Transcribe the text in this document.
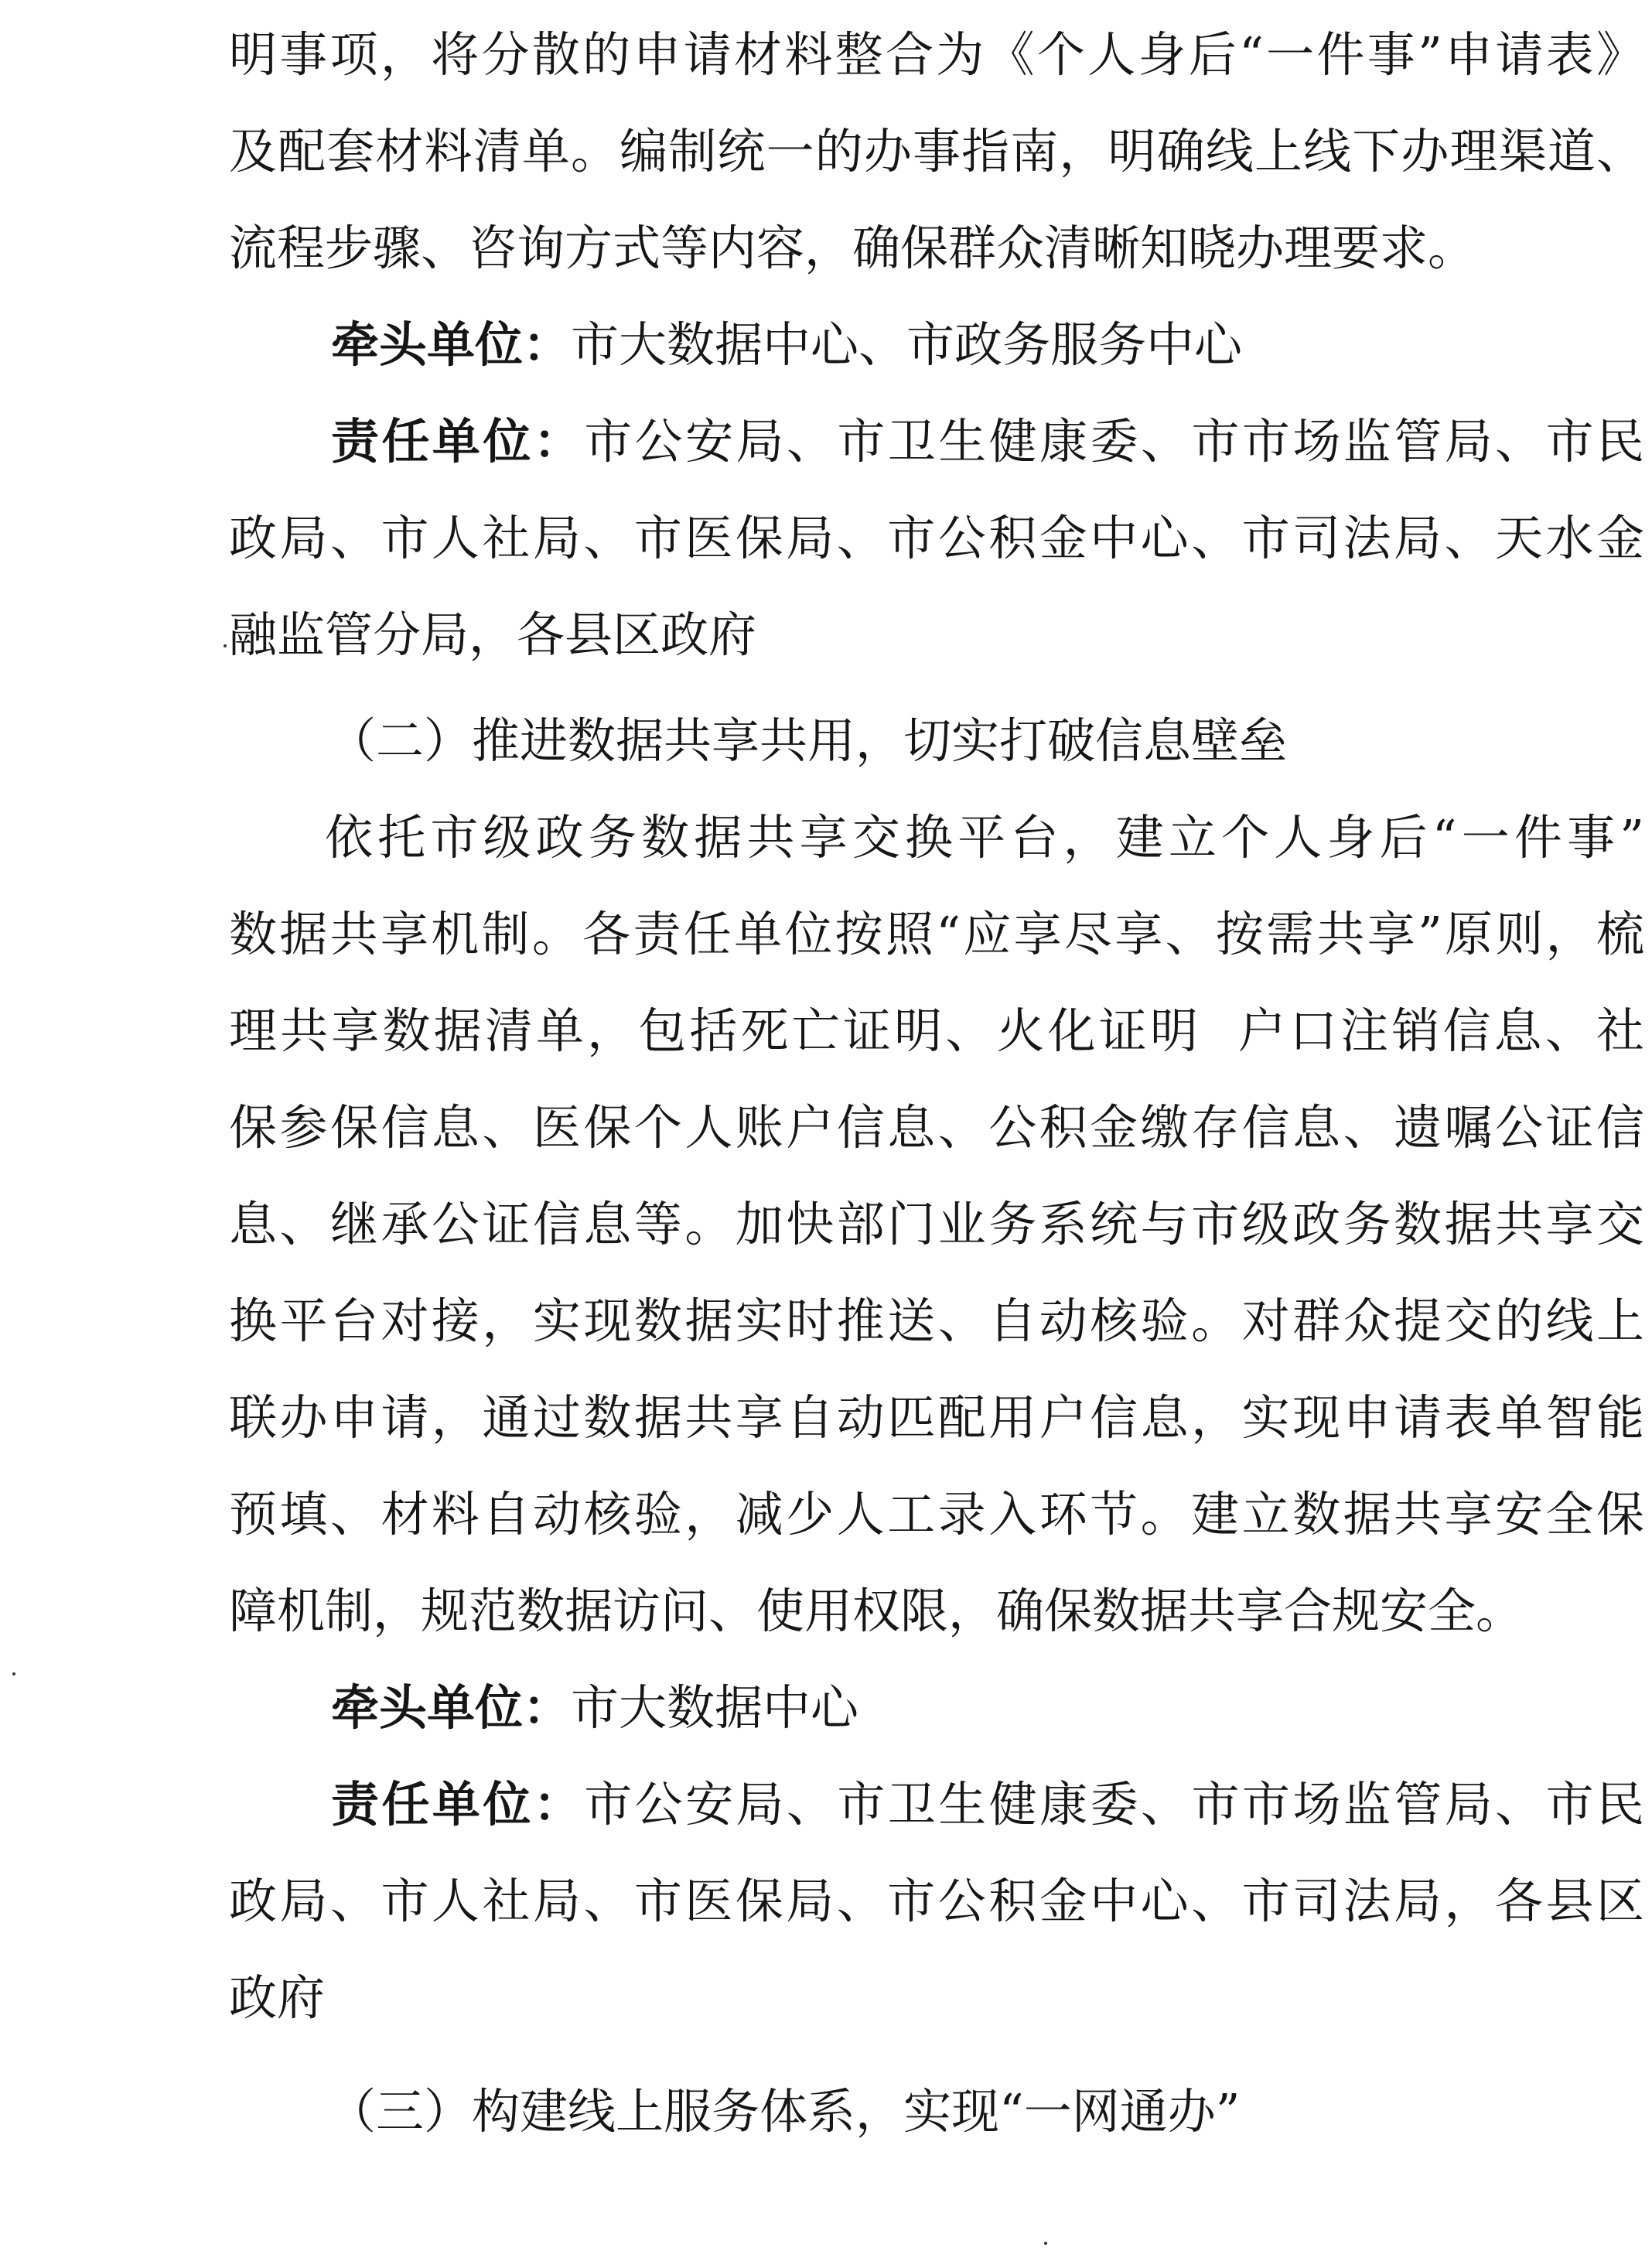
明事项，将分散的申请材料整合为《个人身后“一件事”申请表》
及配套材料清单。编制统一的办事指南，明确线上线下办理渠道、
流程步骤、咨询方式等内容，确保群众清晰知晓办理要求。
牵头单位：市大数据中心、市政务服务中心
责任单位：市公安局、市卫生健康委、市市场监管局、市民
政局、市人社局、市医保局、市公积金中心、市司法局、天水金
融监管分局，各县区政府
（二）推进数据共享共用，切实打破信息壁垒
依托市级政务数据共享交换平台，建立个人身后“一件事”
数据共享机制。各责任单位按照“应享尽享、按需共享”原则，梳
理共享数据清单，包括死亡证明、火化证明  户口注销信息、社
保参保信息、医保个人账户信息、公积金缴存信息、遗嘱公证信
息、继承公证信息等。加快部门业务系统与市级政务数据共享交
换平台对接，实现数据实时推送、自动核验。对群众提交的线上
联办申请，通过数据共享自动匹配用户信息，实现申请表单智能
预填、材料自动核验，减少人工录入环节。建立数据共享安全保
障机制，规范数据访问、使用权限，确保数据共享合规安全。
牵头单位：市大数据中心
责任单位：市公安局、市卫生健康委、市市场监管局、市民
政局、市人社局、市医保局、市公积金中心、市司法局，各县区
政府
（三）构建线上服务体系，实现“一网通办”
